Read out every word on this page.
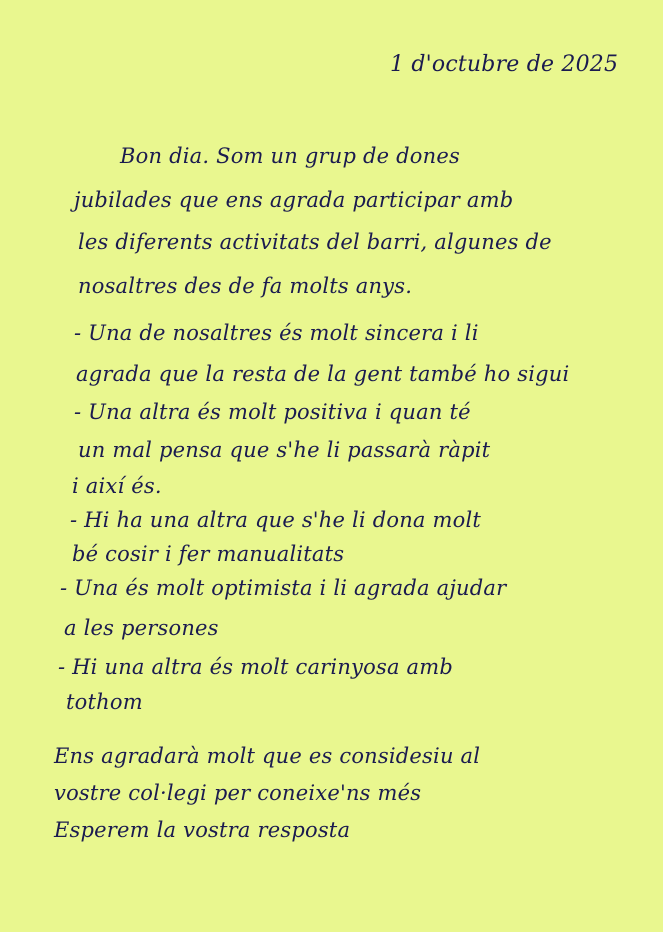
1 d'octubre de 2025
Bon dia. Som un grup de dones
jubilades que ens agrada participar amb
les diferents activitats del barri, algunes de
nosaltres des de fa molts anys.
- Una de nosaltres és molt sincera i li
agrada que la resta de la gent també ho sigui
- Una altra és molt positiva i quan té
un mal pensa que s'he li passarà ràpit
i així és.
- Hi ha una altra que s'he li dona molt
bé cosir i fer manualitats
- Una és molt optimista i li agrada ajudar
a les persones
- Hi una altra és molt carinyosa amb
tothom
Ens agradarà molt que es considesiu al
vostre col·legi per coneixe'ns més
Esperem la vostra resposta
